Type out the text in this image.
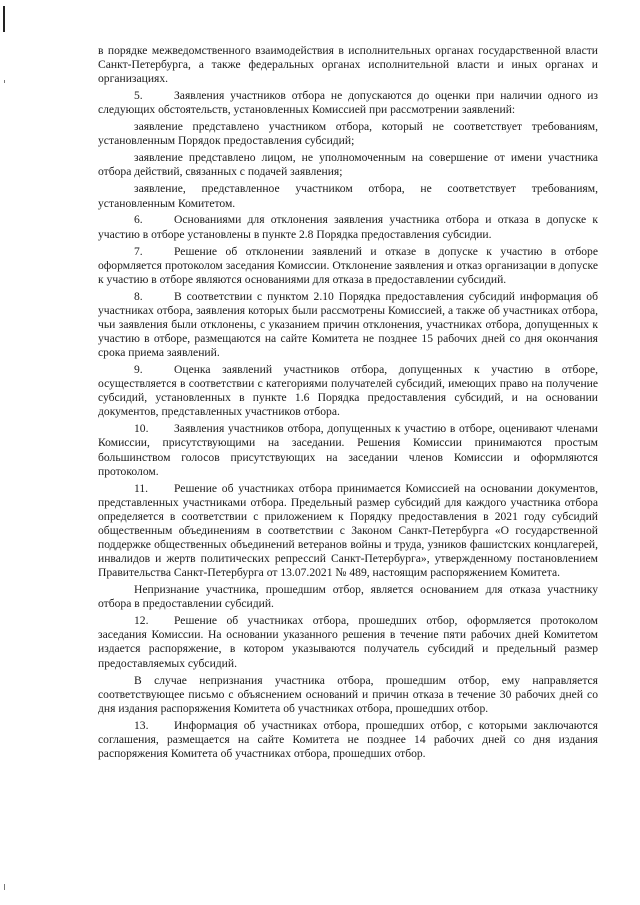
в порядке межведомственного взаимодействия в исполнительных органах государственной власти Санкт-Петербурга, а также федеральных органах исполнительной власти и иных органах и организациях.

5.	Заявления участников отбора не допускаются до оценки при наличии одного из следующих обстоятельств, установленных Комиссией при рассмотрении заявлений:

заявление представлено участником отбора, который не соответствует требованиям, установленным Порядок предоставления субсидий;

заявление представлено лицом, не уполномоченным на совершение от имени участника отбора действий, связанных с подачей заявления;

заявление, представленное участником отбора, не соответствует требованиям, установленным Комитетом.

6.	Основаниями для отклонения заявления участника отбора и отказа в допуске к участию в отборе установлены в пункте 2.8 Порядка предоставления субсидии.

7.	Решение об отклонении заявлений и отказе в допуске к участию в отборе оформляется протоколом заседания Комиссии. Отклонение заявления и отказ организации в допуске к участию в отборе являются основаниями для отказа в предоставлении субсидий.

8.	В соответствии с пунктом 2.10 Порядка предоставления субсидий информация об участниках отбора, заявления которых были рассмотрены Комиссией, а также об участниках отбора, чьи заявления были отклонены, с указанием причин отклонения, участниках отбора, допущенных к участию в отборе, размещаются на сайте Комитета не позднее 15 рабочих дней со дня окончания срока приема заявлений.

9.	Оценка заявлений участников отбора, допущенных к участию в отборе, осуществляется в соответствии с категориями получателей субсидий, имеющих право на получение субсидий, установленных в пункте 1.6 Порядка предоставления субсидий, и на основании документов, представленных участников отбора.

10. Заявления участников отбора, допущенных к участию в отборе, оценивают членами Комиссии, присутствующими на заседании. Решения Комиссии принимаются простым большинством голосов присутствующих на заседании членов Комиссии и оформляются протоколом.

11. Решение об участниках отбора принимается Комиссией на основании документов, представленных участниками отбора. Предельный размер субсидий для каждого участника отбора определяется в соответствии с приложением к Порядку предоставления в 2021 году субсидий общественным объединениям в соответствии с Законом Санкт-Петербурга «О государственной поддержке общественных объединений ветеранов войны и труда, узников фашистских концлагерей, инвалидов и жертв политических репрессий Санкт-Петербурга», утвержденному постановлением Правительства Санкт-Петербурга от 13.07.2021 № 489, настоящим распоряжением Комитета.

Непризнание участника, прошедшим отбор, является основанием для отказа участнику отбора в предоставлении субсидий.

12. Решение об участниках отбора, прошедших отбор, оформляется протоколом заседания Комиссии. На основании указанного решения в течение пяти рабочих дней Комитетом издается распоряжение, в котором указываются получатель субсидий и предельный размер предоставляемых субсидий.

В случае непризнания участника отбора, прошедшим отбор, ему направляется соответствующее письмо с объяснением оснований и причин отказа в течение 30 рабочих дней со дня издания распоряжения Комитета об участниках отбора, прошедших отбор.

13. Информация об участниках отбора, прошедших отбор, с которыми заключаются соглашения, размещается на сайте Комитета не позднее 14 рабочих дней со дня издания распоряжения Комитета об участниках отбора, прошедших отбор.
